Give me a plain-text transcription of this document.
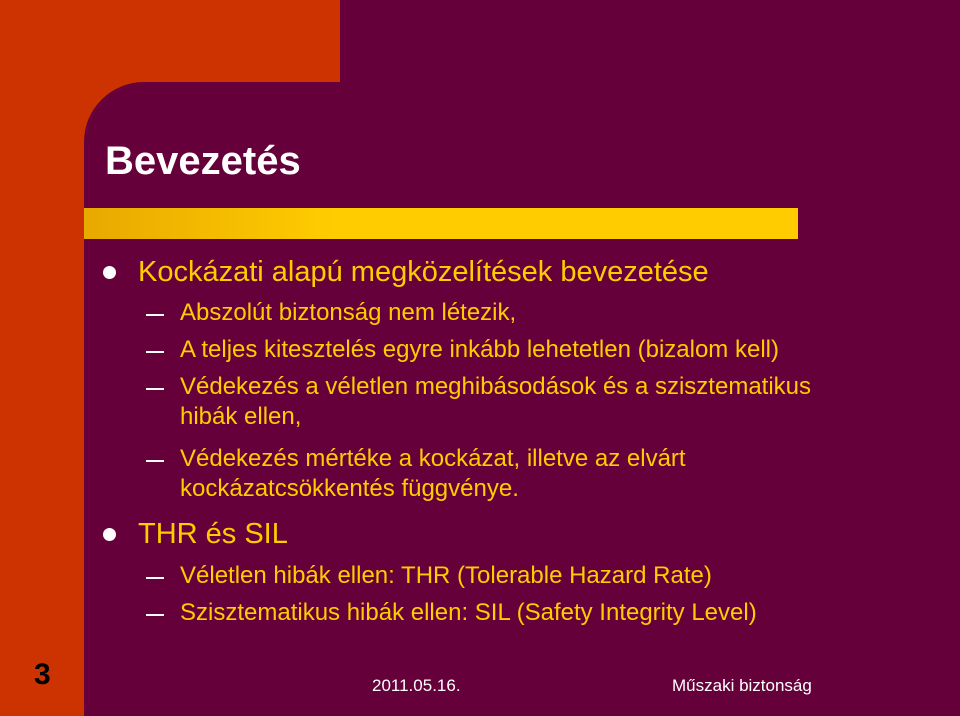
Bevezetés
Kockázati alapú megközelítések bevezetése
Abszolút biztonság nem létezik,
A teljes kitesztelés egyre inkább lehetetlen (bizalom kell)
Védekezés a véletlen meghibásodások és a szisztematikus
hibák ellen,
Védekezés mértéke a kockázat, illetve az elvárt
kockázatcsökkentés függvénye.
THR és SIL
Véletlen hibák ellen: THR (Tolerable Hazard Rate)
Szisztematikus hibák ellen: SIL (Safety Integrity Level)
3	2011.05.16.	Műszaki biztonság
